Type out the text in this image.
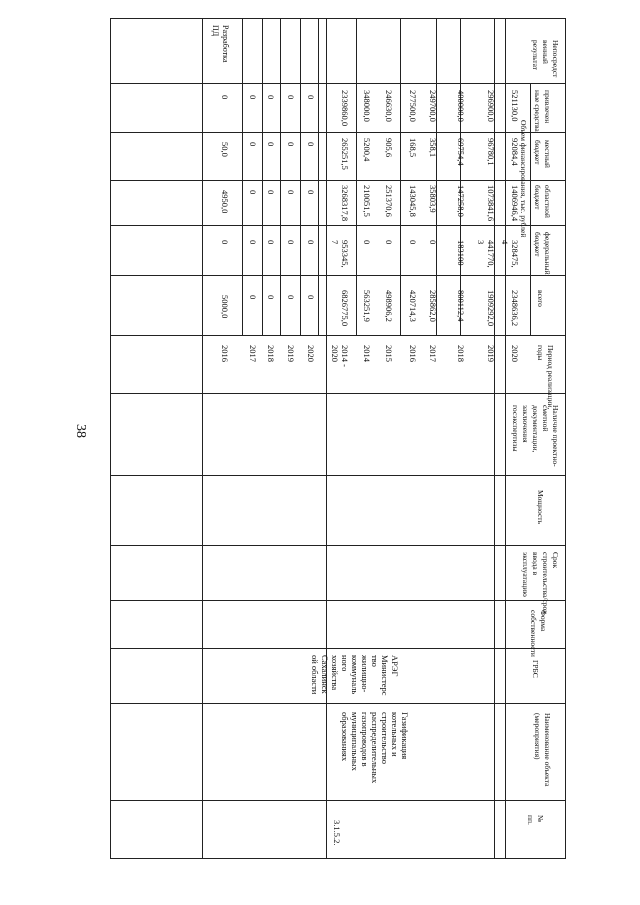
38
Непосредст
венный
результат
привлечен
ные средства
местный
бюджет
областной
бюджет
федеральный
бюджет
всего
Объем финансирования, тыс. рублей
Период реализации,
годы
Наличие проектно-
сметной
документации,
заключения
госэкспертизы
Мощность
Срок
строительства/срок
ввода в
эксплуатацию
Форма
собственности
ГРБС
Наименование объекта
(мероприятия)
№
пп.
Разработка
ПД
2016
5000,0
0
4950,0
50,0
0
2017
0
0
0
0
0
2018
0
0
0
0
0
2019
0
0
0
0
0
2020
0
0
0
0
0
3.1.5.2.
Газификация
котельных и
строительство
распределительных
газопроводов в
муниципальных
образованиях
АРЭГ
Министерс
тво
жилищно-
коммуналь
ного
хозяйства
Сахалинск
ой области
2014 -
2020
6826775,0
953345,
7
3268317,8
265251,5
2339860,0
2014
563251,9
0
210051,5
5200,4
348000,0
2015
498906,2
0
251370,6
905,6
246630,0
2016
420714,3
0
143045,8
168,5
277500,0
2017
285862,0
0
35803,9
358,1
249700,0
2018
800112,4
183100
147258,0
69754,4
400000,0
2019
1909292,0
441770,
3
1073841,6
96780,1
296900,0
2020
2348636,2
328475,
4
1406946,4
92084,4
521130,0
